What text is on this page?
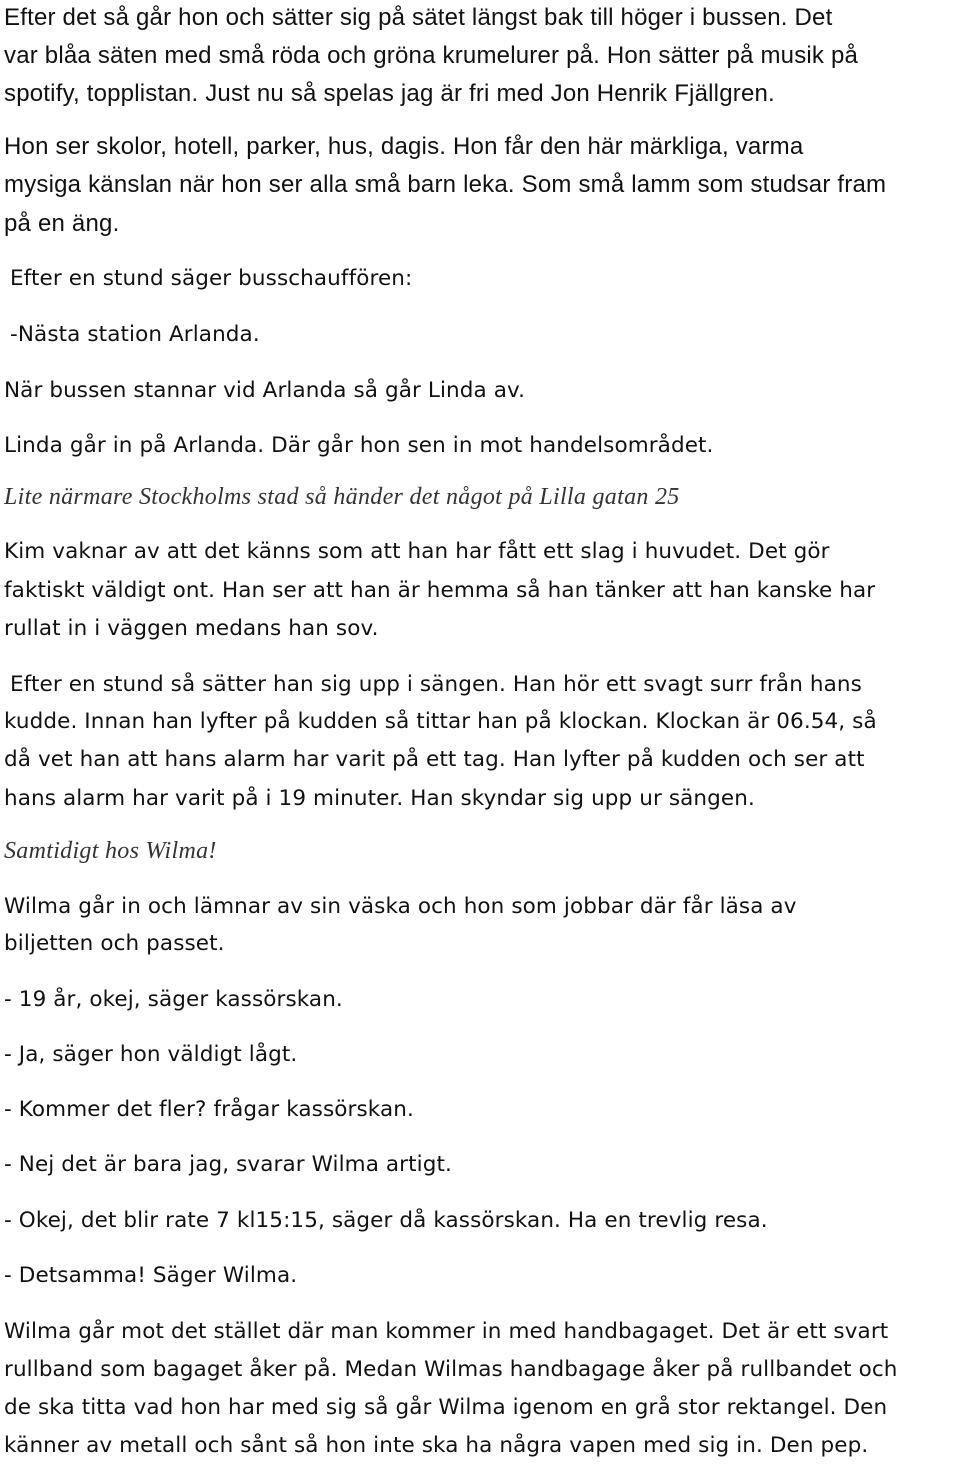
Efter det så går hon och sätter sig på sätet längst bak till höger i bussen. Det
var blåa säten med små röda och gröna krumelurer på. Hon sätter på musik på
spotify, topplistan. Just nu så spelas jag är fri med Jon Henrik Fjällgren.
Hon ser skolor, hotell, parker, hus, dagis. Hon får den här märkliga, varma
mysiga känslan när hon ser alla små barn leka. Som små lamm som studsar fram
på en äng.
Efter en stund säger busschauffören:
-Nästa station Arlanda.
När bussen stannar vid Arlanda så går Linda av.
Linda går in på Arlanda. Där går hon sen in mot handelsområdet.
Lite närmare Stockholms stad så händer det något på Lilla gatan 25
Kim vaknar av att det känns som att han har fått ett slag i huvudet. Det gör
faktiskt väldigt ont. Han ser att han är hemma så han tänker att han kanske har
rullat in i väggen medans han sov.
Efter en stund så sätter han sig upp i sängen. Han hör ett svagt surr från hans
kudde. Innan han lyfter på kudden så tittar han på klockan. Klockan är 06.54, så
då vet han att hans alarm har varit på ett tag. Han lyfter på kudden och ser att
hans alarm har varit på i 19 minuter. Han skyndar sig upp ur sängen.
Samtidigt hos Wilma!
Wilma går in och lämnar av sin väska och hon som jobbar där får läsa av
biljetten och passet.
- 19 år, okej, säger kassörskan.
- Ja, säger hon väldigt lågt.
- Kommer det fler? frågar kassörskan.
- Nej det är bara jag, svarar Wilma artigt.
- Okej, det blir rate 7 kl15:15, säger då kassörskan. Ha en trevlig resa.
- Detsamma! Säger Wilma.
Wilma går mot det stället där man kommer in med handbagaget. Det är ett svart
rullband som bagaget åker på. Medan Wilmas handbagage åker på rullbandet och
de ska titta vad hon har med sig så går Wilma igenom en grå stor rektangel. Den
känner av metall och sånt så hon inte ska ha några vapen med sig in. Den pep.
